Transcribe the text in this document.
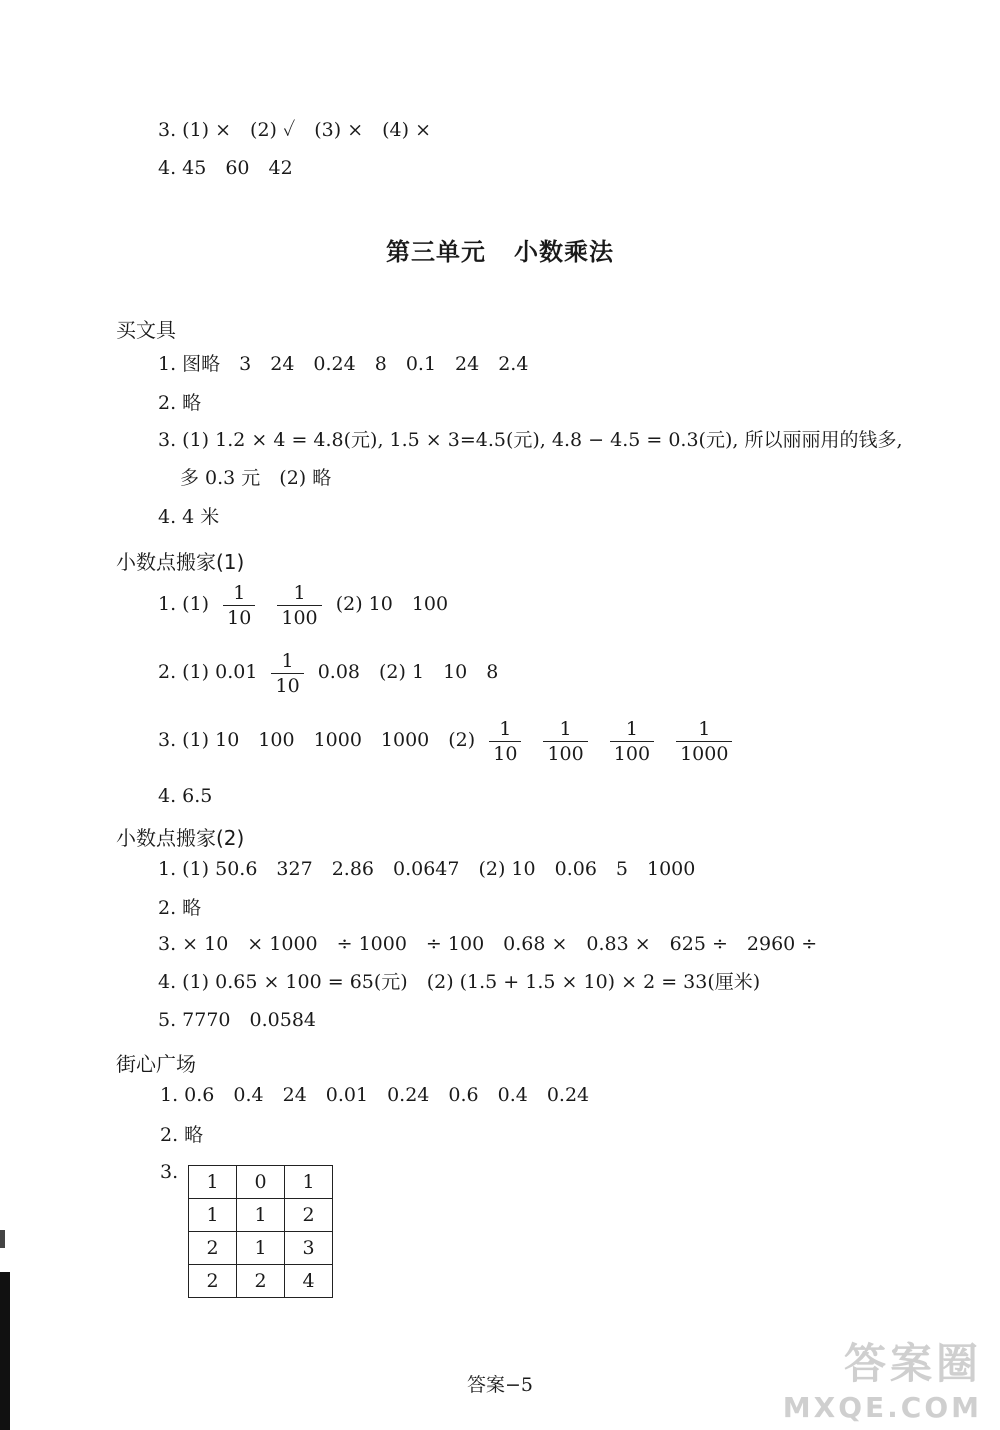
3. (1) ×　(2) ✓　(3) ×　(4) ×
4. 45　60　42
第三单元 小数乘法
买文具
1. 图略　3　24　0.24　8　0.1　24　2.4
2. 略
3. (1) 1.2 × 4 = 4.8(元), 1.5 × 3=4.5(元), 4.8 − 4.5 = 0.3(元), 所以丽丽用的钱多,
多 0.3 元　(2) 略
4. 4 米
小数点搬家(1)
1. $(1) \frac{1}{10}$
$\frac{1}{100} (2)$ 10　100
2. (1) $0.01 \frac{1}{10} 0.08$　(2) 1　10　8
3. (1) 10　100　1000　1000　$(2) \frac{1}{10}$
$\frac{1}{100}$
$\frac{1}{100}$
$\frac{1}{1000}$
4. 6.5
小数点搬家(2)
1. (1) 50.6　327　2.86　0.0647　(2) 10　0.06　5　1000
2. 略
3. × 10　× 1000　÷ 1000　÷ 100　0.68 ×　0.83 ×　625 ÷　2960 ÷
4. (1) 0.65 × 100 = 65(元)　(2) (1.5 + 1.5 × 10) × 2 = 33(厘米)
5. 7770　0.0584
街心广场
1. 0.6　0.4　24　0.01　0.24　0.6　0.4　0.24
2. 略
3. 1	0	1
1	1	2
2	1	3
2	2	4
答案−5	答案圈
MXQE.COM
